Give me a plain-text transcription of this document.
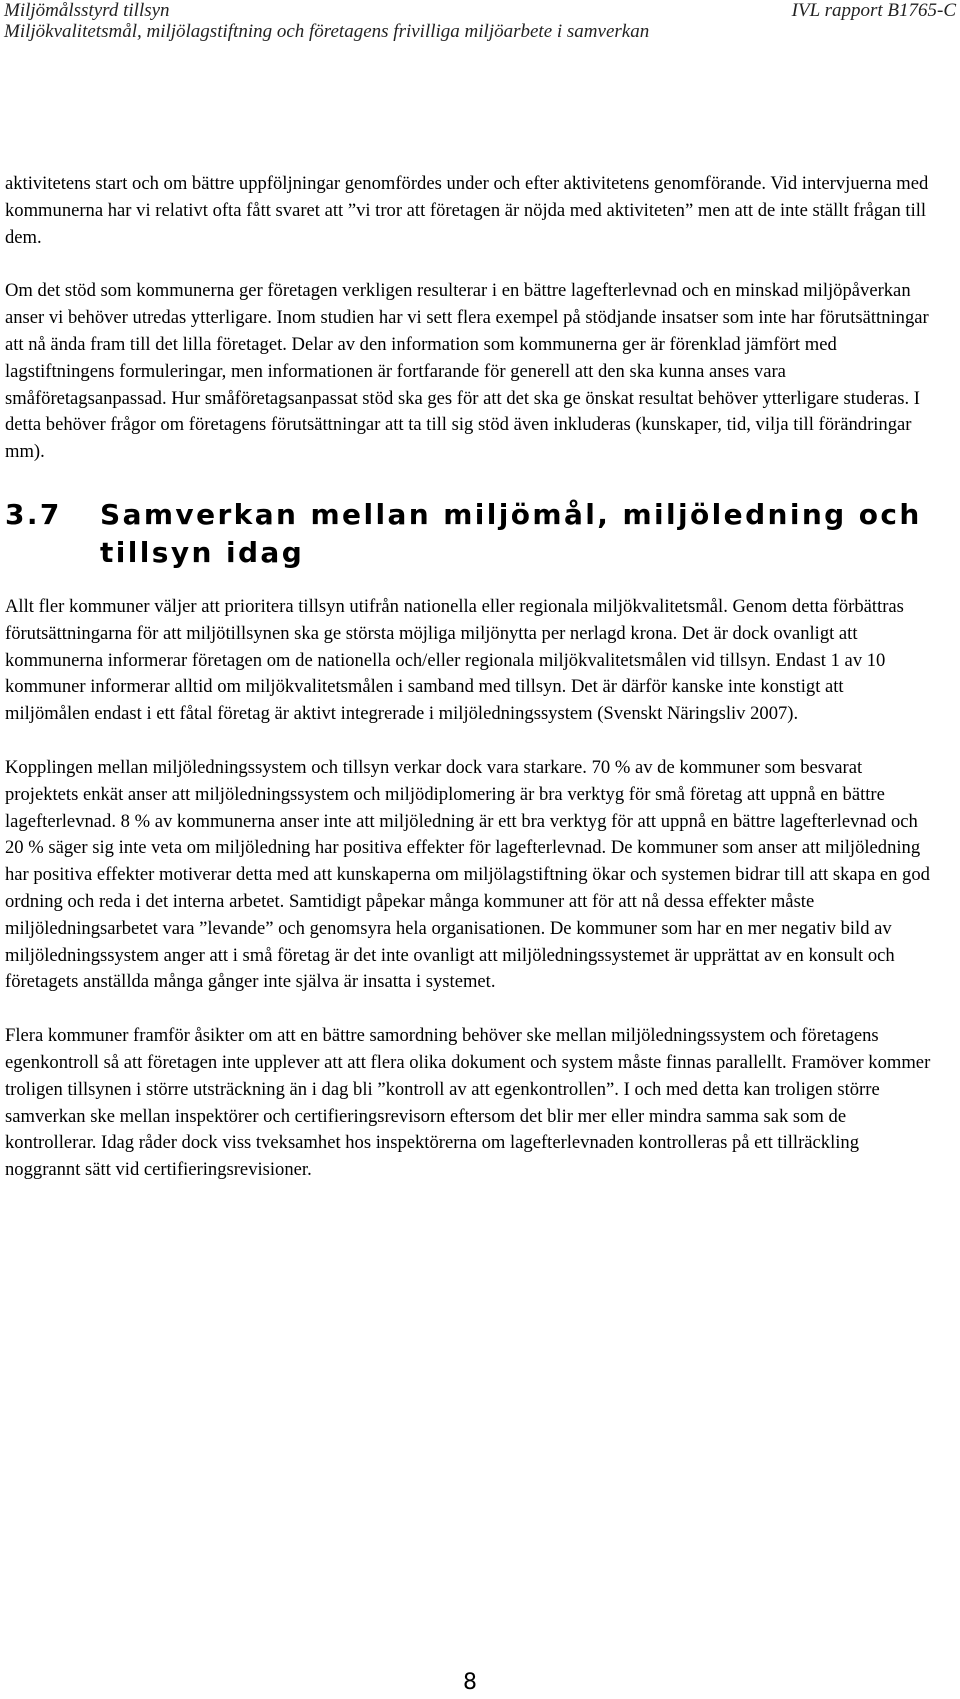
Miljömålsstyrd tillsyn
Miljökvalitetsmål, miljölagstiftning och företagens frivilliga miljöarbete i samverkan
IVL rapport B1765-C

aktivitetens start och om bättre uppföljningar genomfördes under och efter aktivitetens genomförande. Vid intervjuerna med kommunerna har vi relativt ofta fått svaret att ”vi tror att företagen är nöjda med aktiviteten” men att de inte ställt frågan till dem.

Om det stöd som kommunerna ger företagen verkligen resulterar i en bättre lagefterlevnad och en minskad miljöpåverkan anser vi behöver utredas ytterligare. Inom studien har vi sett flera exempel på stödjande insatser som inte har förutsättningar att nå ända fram till det lilla företaget. Delar av den information som kommunerna ger är förenklad jämfört med lagstiftningens formuleringar, men informationen är fortfarande för generell att den ska kunna anses vara småföretagsanpassad. Hur småföretagsanpassat stöd ska ges för att det ska ge önskat resultat behöver ytterligare studeras. I detta behöver frågor om företagens förutsättningar att ta till sig stöd även inkluderas (kunskaper, tid, vilja till förändringar mm).

3.7	Samverkan mellan miljömål, miljöledning och tillsyn idag

Allt fler kommuner väljer att prioritera tillsyn utifrån nationella eller regionala miljökvalitetsmål. Genom detta förbättras förutsättningarna för att miljötillsynen ska ge största möjliga miljönytta per nerlagd krona. Det är dock ovanligt att kommunerna informerar företagen om de nationella och/eller regionala miljökvalitetsmålen vid tillsyn. Endast 1 av 10 kommuner informerar alltid om miljökvalitetsmålen i samband med tillsyn. Det är därför kanske inte konstigt att miljömålen endast i ett fåtal företag är aktivt integrerade i miljöledningssystem (Svenskt Näringsliv 2007).

Kopplingen mellan miljöledningssystem och tillsyn verkar dock vara starkare. 70 % av de kommuner som besvarat projektets enkät anser att miljöledningssystem och miljödiplomering är bra verktyg för små företag att uppnå en bättre lagefterlevnad. 8 % av kommunerna anser inte att miljöledning är ett bra verktyg för att uppnå en bättre lagefterlevnad och 20 % säger sig inte veta om miljöledning har positiva effekter för lagefterlevnad. De kommuner som anser att miljöledning har positiva effekter motiverar detta med att kunskaperna om miljölagstiftning ökar och systemen bidrar till att skapa en god ordning och reda i det interna arbetet. Samtidigt påpekar många kommuner att för att nå dessa effekter måste miljöledningsarbetet vara ”levande” och genomsyra hela organisationen. De kommuner som har en mer negativ bild av miljöledningssystem anger att i små företag är det inte ovanligt att miljöledningssystemet är upprättat av en konsult och företagets anställda många gånger inte själva är insatta i systemet.

Flera kommuner framför åsikter om att en bättre samordning behöver ske mellan miljöledningssystem och företagens egenkontroll så att företagen inte upplever att att flera olika dokument och system måste finnas parallellt. Framöver kommer troligen tillsynen i större utsträckning än i dag bli ”kontroll av att egenkontrollen”. I och med detta kan troligen större samverkan ske mellan inspektörer och certifieringsrevisorn eftersom det blir mer eller mindra samma sak som de kontrollerar. Idag råder dock viss tveksamhet hos inspektörerna om lagefterlevnaden kontrolleras på ett tillräckling noggrannt sätt vid certifieringsrevisioner.

8
